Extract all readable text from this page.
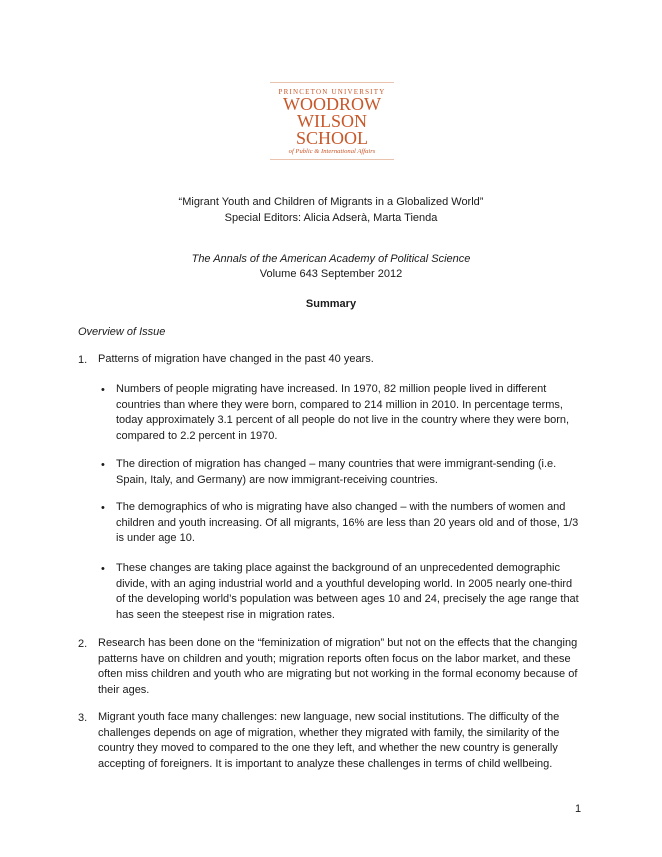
PRINCETON UNIVERSITY
WOODROW
WILSON
SCHOOL
of Public & International Affairs
“Migrant Youth and Children of Migrants in a Globalized World”
Special Editors: Alicia Adserà, Marta Tienda
The Annals of the American Academy of Political Science
Volume 643 September 2012
Summary
Overview of Issue
1. Patterns of migration have changed in the past 40 years.
• Numbers of people migrating have increased. In 1970, 82 million people lived in different
countries than where they were born, compared to 214 million in 2010. In percentage terms,
today approximately 3.1 percent of all people do not live in the country where they were born,
compared to 2.2 percent in 1970.
• The direction of migration has changed – many countries that were immigrant-sending (i.e.
Spain, Italy, and Germany) are now immigrant-receiving countries.
• The demographics of who is migrating have also changed – with the numbers of women and
children and youth increasing. Of all migrants, 16% are less than 20 years old and of those, 1/3
is under age 10.
• These changes are taking place against the background of an unprecedented demographic
divide, with an aging industrial world and a youthful developing world. In 2005 nearly one-third
of the developing world’s population was between ages 10 and 24, precisely the age range that
has seen the steepest rise in migration rates.
2. Research has been done on the “feminization of migration” but not on the effects that the changing
patterns have on children and youth; migration reports often focus on the labor market, and these
often miss children and youth who are migrating but not working in the formal economy because of
their ages.
3. Migrant youth face many challenges: new language, new social institutions. The difficulty of the
challenges depends on age of migration, whether they migrated with family, the similarity of the
country they moved to compared to the one they left, and whether the new country is generally
accepting of foreigners. It is important to analyze these challenges in terms of child wellbeing.
1
